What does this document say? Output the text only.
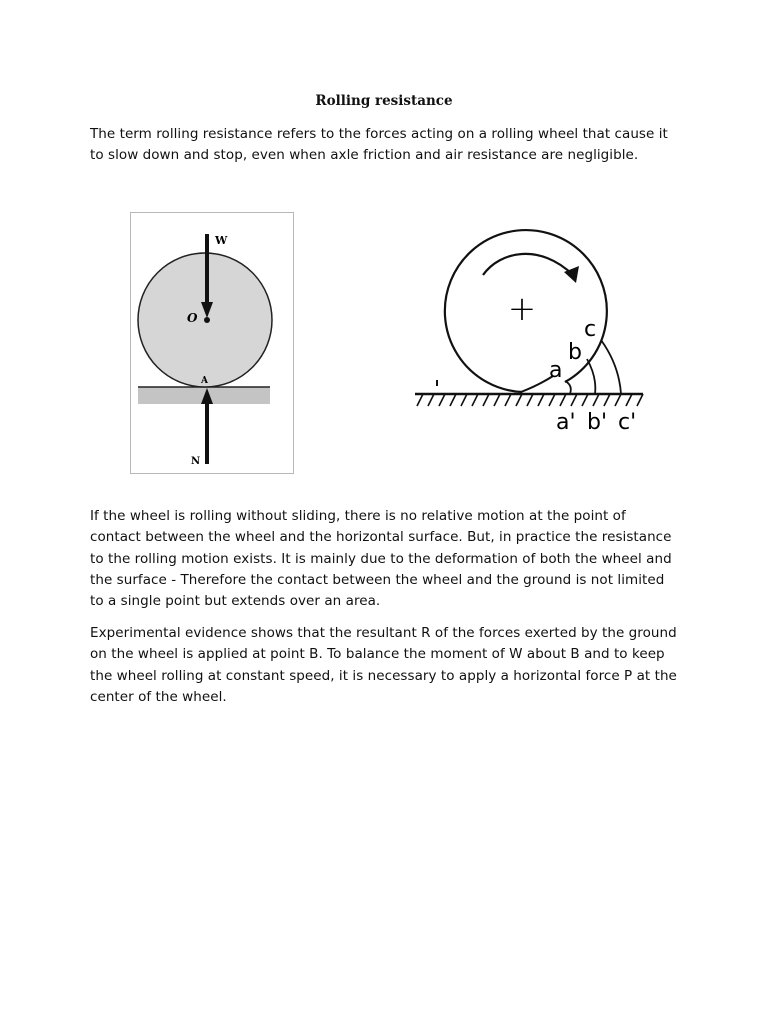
Rolling resistance

The term rolling resistance refers to the forces acting on a rolling wheel that cause it to slow down and stop, even when axle friction and air resistance are negligible.

W
O
A
N
+
a
b
c
a' b' c'

If the wheel is rolling without sliding, there is no relative motion at the point of contact between the wheel and the horizontal surface. But, in practice the resistance to the rolling motion exists. It is mainly due to the deformation of both the wheel and the surface - Therefore the contact between the wheel and the ground is not limited to a single point but extends over an area.

Experimental evidence shows that the resultant R of the forces exerted by the ground on the wheel is applied at point B. To balance the moment of W about B and to keep the wheel rolling at constant speed, it is necessary to apply a horizontal force P at the center of the wheel.
